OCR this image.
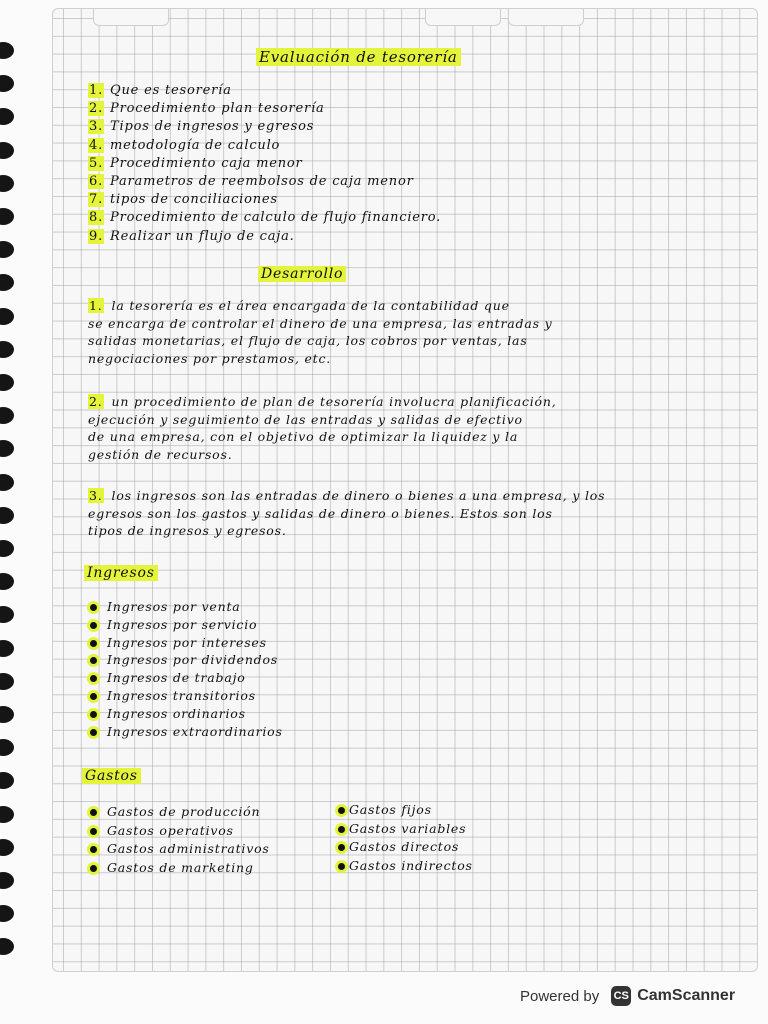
Evaluación de tesorería
1. Que es tesorería
2. Procedimiento plan tesorería
3. Tipos de ingresos y egresos
4. metodología de calculo
5. Procedimiento caja menor
6. Parametros de reembolsos de caja menor
7. tipos de conciliaciones
8. Procedimiento de calculo de flujo financiero.
9. Realizar un flujo de caja.
Desarrollo
1. la tesorería es el área encargada de la contabilidad que
se encarga de controlar el dinero de una empresa, las entradas y
salidas monetarias, el flujo de caja, los cobros por ventas, las
negociaciones por prestamos, etc.
2. un procedimiento de plan de tesorería involucra planificación,
ejecución y seguimiento de las entradas y salidas de efectivo
de una empresa, con el objetivo de optimizar la liquidez y la
gestión de recursos.
3. los ingresos son las entradas de dinero o bienes a una empresa, y los
egresos son los gastos y salidas de dinero o bienes. Estos son los
tipos de ingresos y egresos.
Ingresos
Ingresos por venta
Ingresos por servicio
Ingresos por intereses
Ingresos por dividendos
Ingresos de trabajo
Ingresos transitorios
Ingresos ordinarios
Ingresos extraordinarios
Gastos
Gastos de producción
Gastos operativos
Gastos administrativos
Gastos de marketing
Gastos fijos
Gastos variables
Gastos directos
Gastos indirectos
Powered by CS CamScanner
